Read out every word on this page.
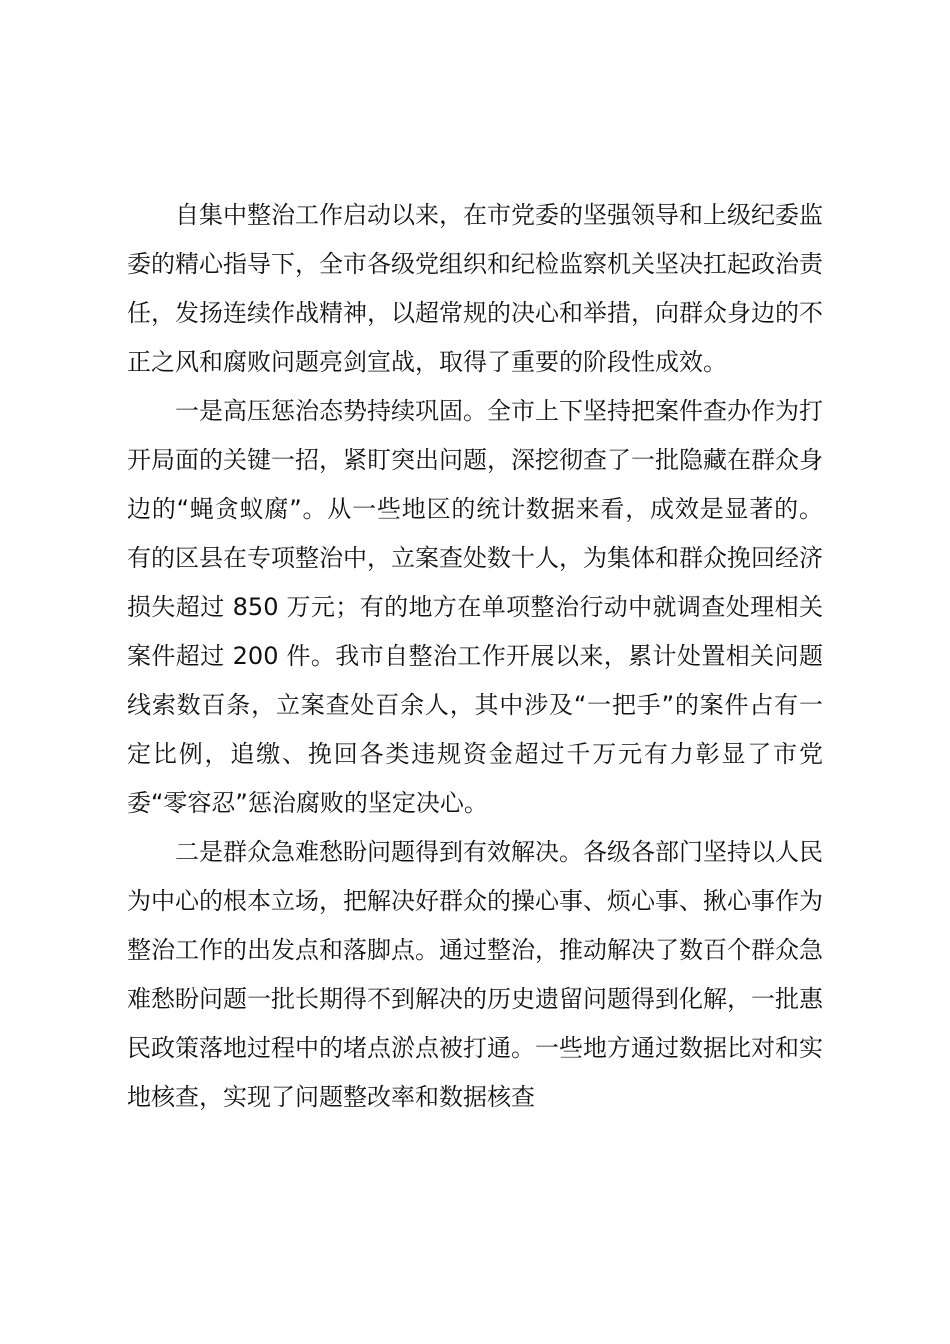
自集中整治工作启动以来，在市党委的坚强领导和上级纪委监委的精心指导下，全市各级党组织和纪检监察机关坚决扛起政治责任，发扬连续作战精神，以超常规的决心和举措，向群众身边的不正之风和腐败问题亮剑宣战，取得了重要的阶段性成效。

一是高压惩治态势持续巩固。全市上下坚持把案件查办作为打开局面的关键一招，紧盯突出问题，深挖彻查了一批隐藏在群众身边的“蝇贪蚁腐”。从一些地区的统计数据来看，成效是显著的。有的区县在专项整治中，立案查处数十人，为集体和群众挽回经济损失超过 850 万元；有的地方在单项整治行动中就调查处理相关案件超过 200 件。我市自整治工作开展以来，累计处置相关问题线索数百条，立案查处百余人，其中涉及“一把手”的案件占有一定比例，追缴、挽回各类违规资金超过千万元有力彰显了市党委“零容忍”惩治腐败的坚定决心。

二是群众急难愁盼问题得到有效解决。各级各部门坚持以人民为中心的根本立场，把解决好群众的操心事、烦心事、揪心事作为整治工作的出发点和落脚点。通过整治，推动解决了数百个群众急难愁盼问题一批长期得不到解决的历史遗留问题得到化解，一批惠民政策落地过程中的堵点淤点被打通。一些地方通过数据比对和实地核查，实现了问题整改率和数据核查
